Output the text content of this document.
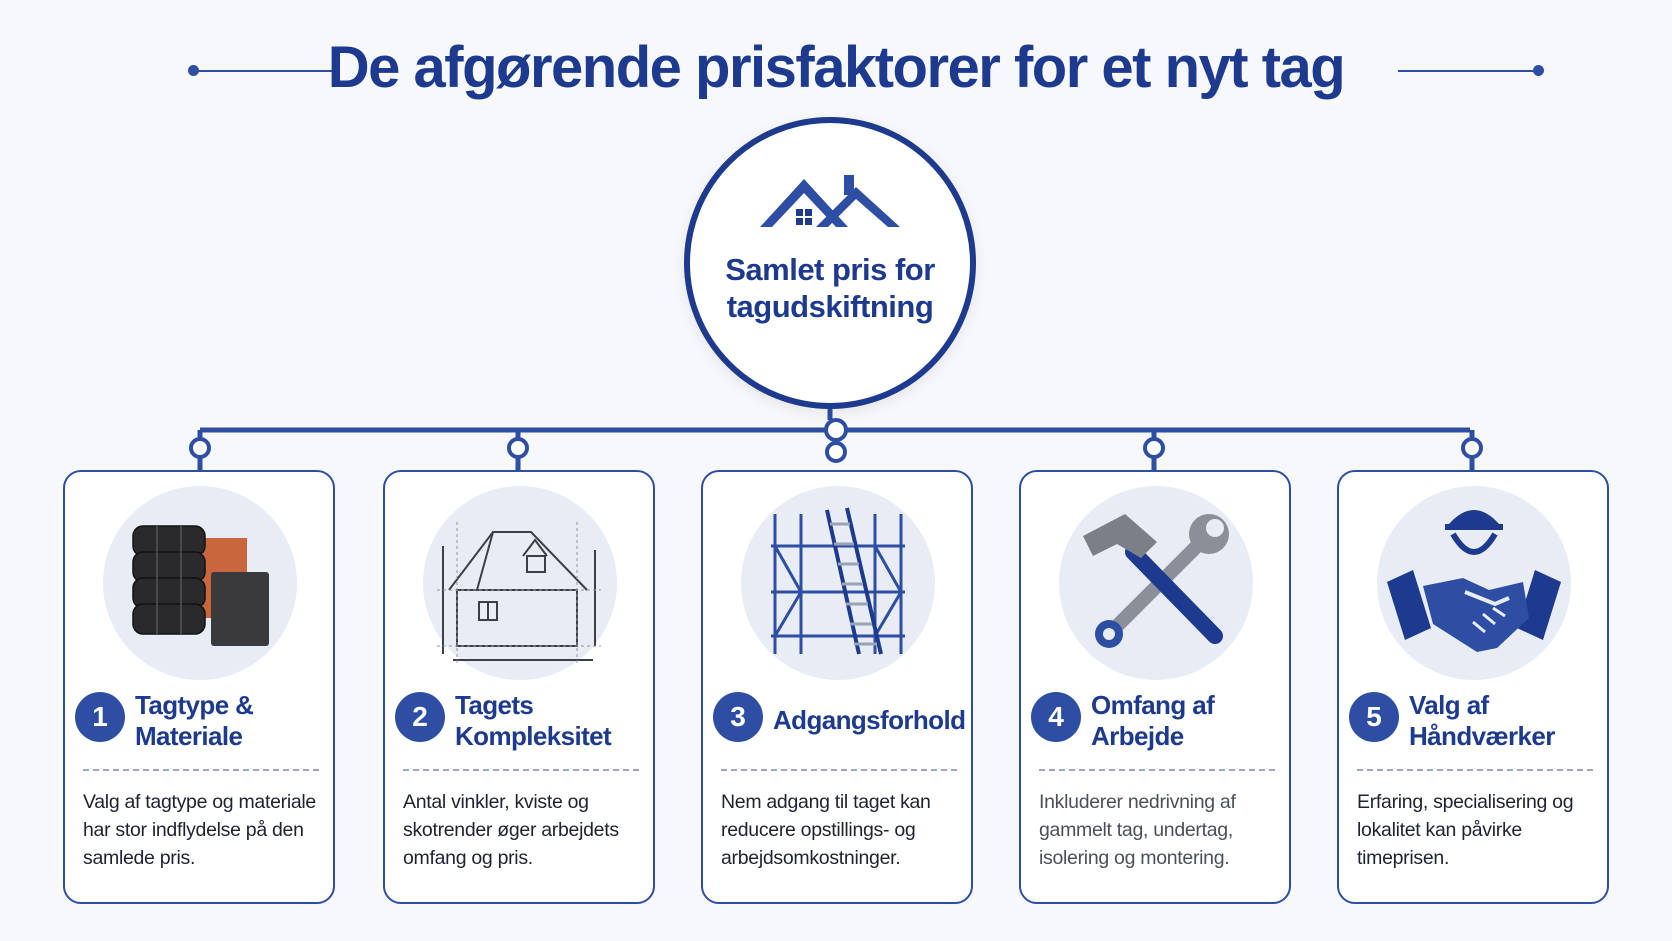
De afgørende prisfaktorer for et nyt tag
Samlet pris for tagudskiftning
1	Tagtype & Materiale
Valg af tagtype og materiale har stor indflydelse på den samlede pris.
2	Tagets Kompleksitet
Antal vinkler, kviste og skotrender øger arbejdets omfang og pris.
3	Adgangsforhold
Nem adgang til taget kan reducere opstillings- og arbejdsomkostninger.
4	Omfang af Arbejde
Inkluderer nedrivning af gammelt tag, undertag, isolering og montering.
5	Valg af Håndværker
Erfaring, specialisering og lokalitet kan påvirke timeprisen.
